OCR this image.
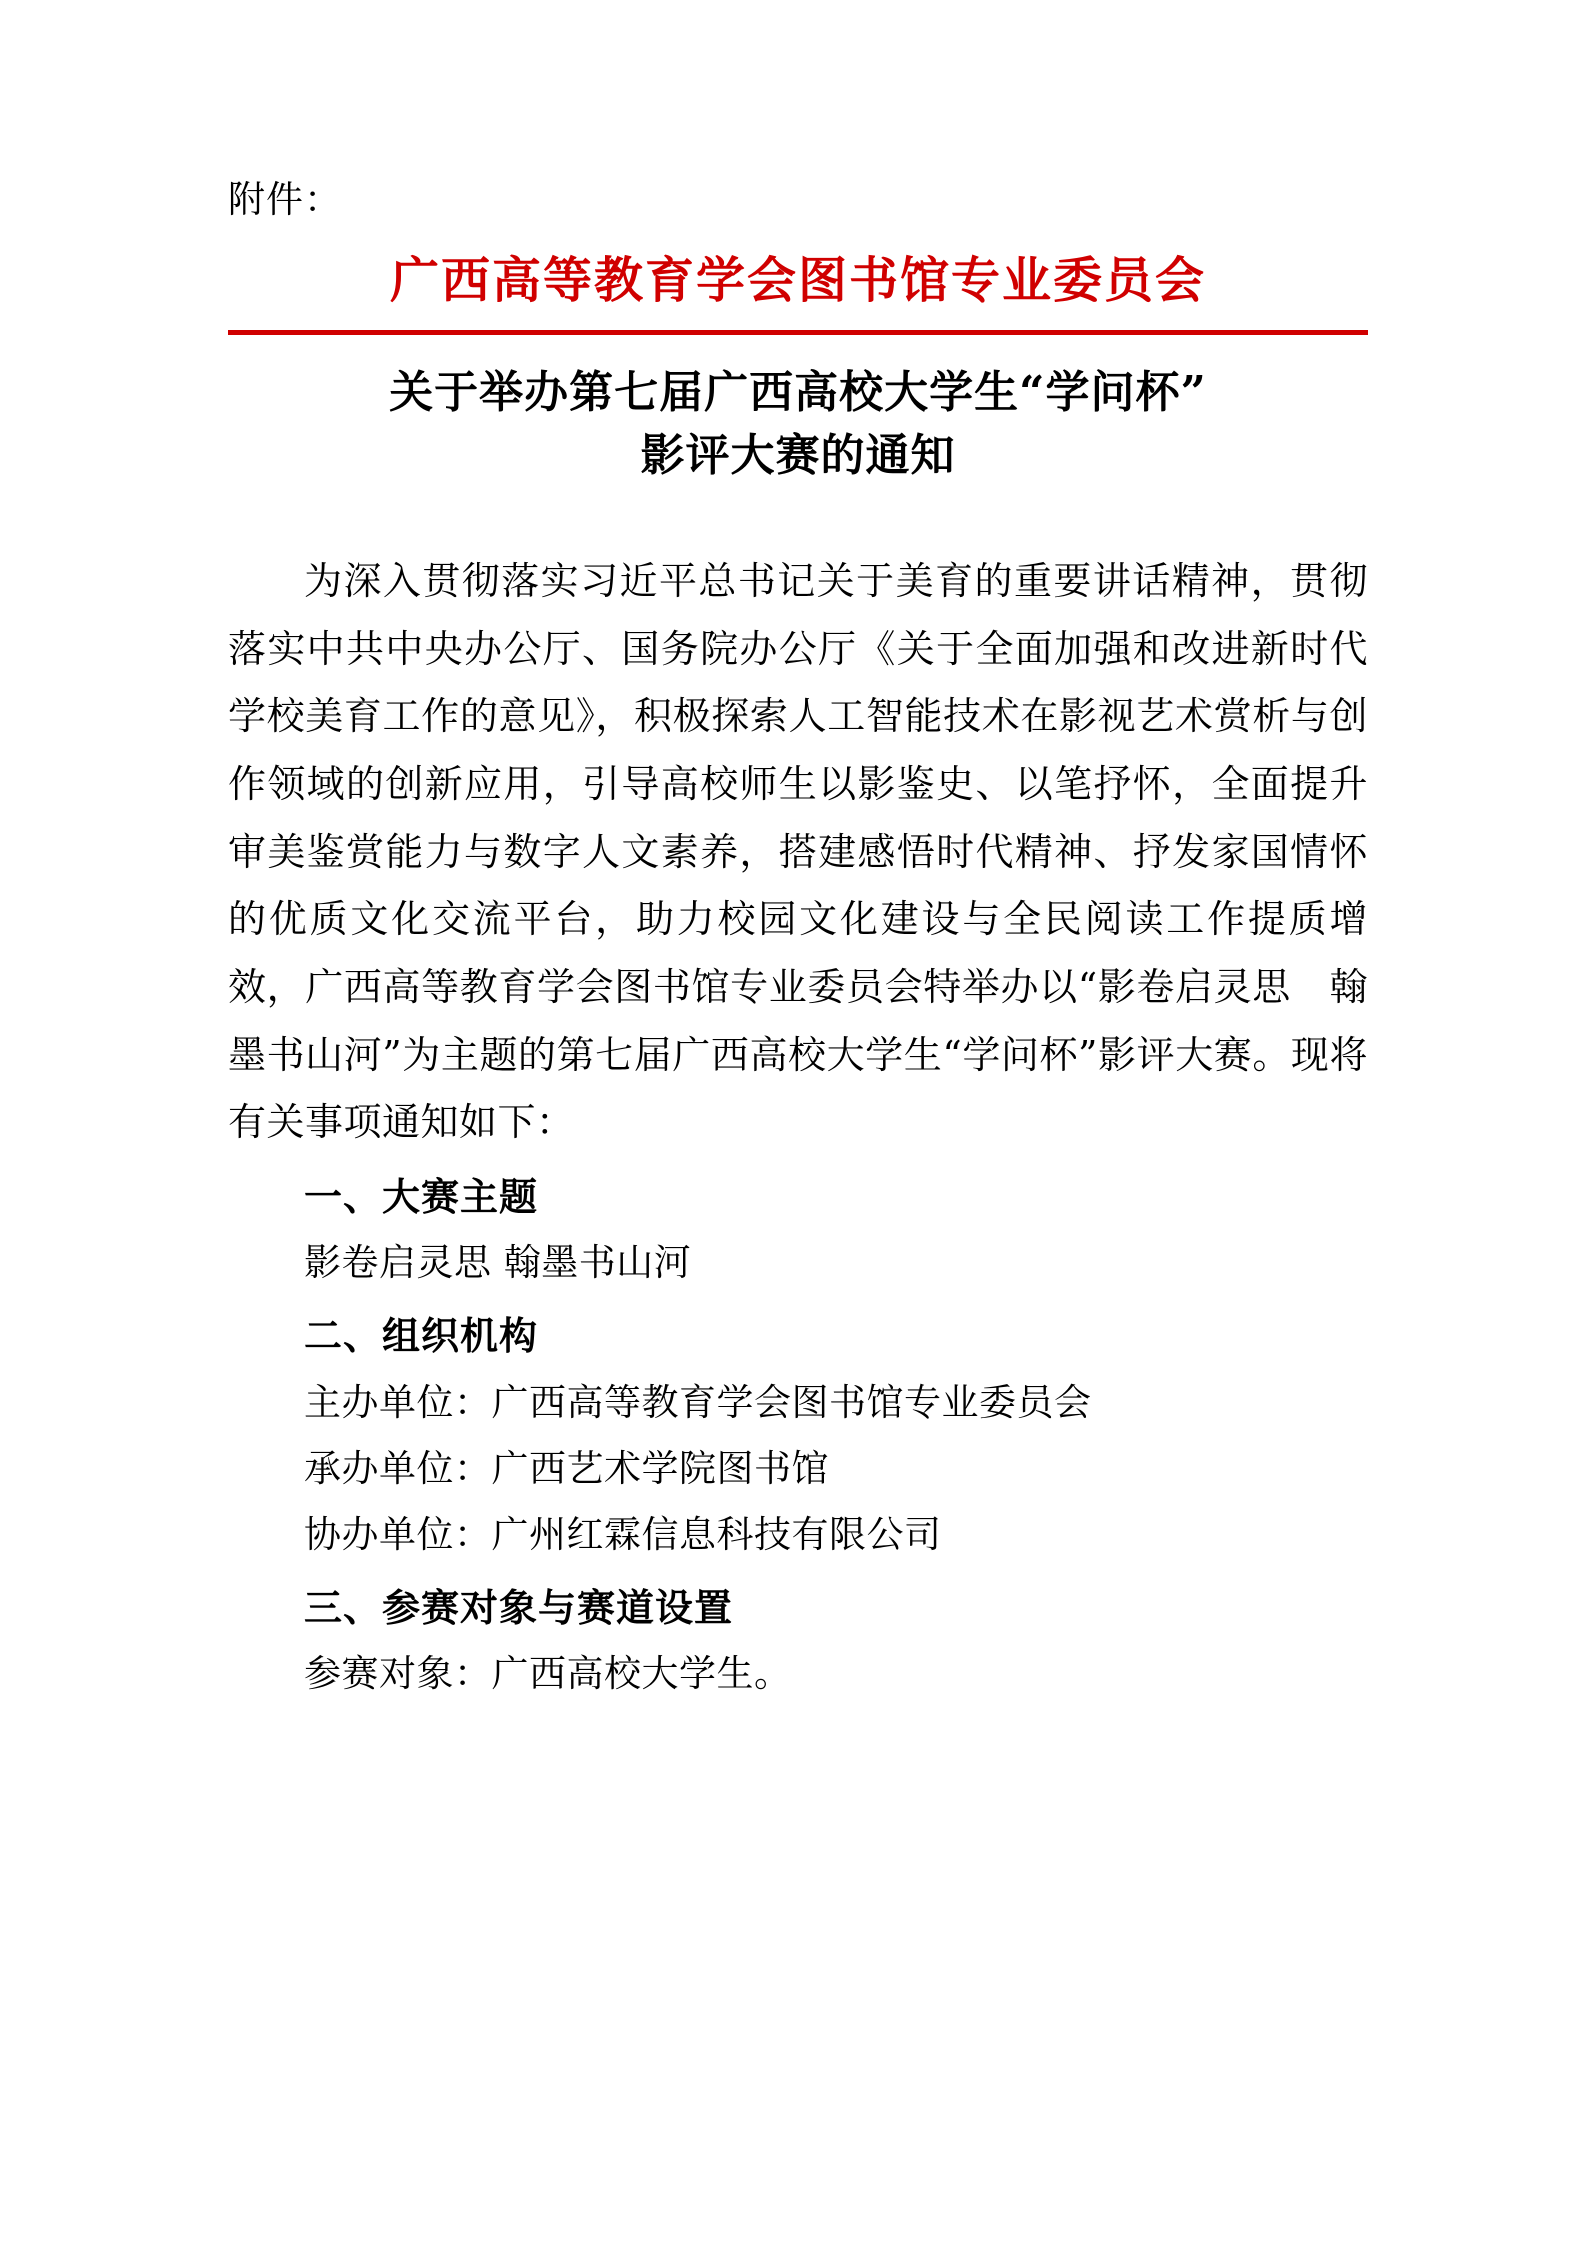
附件：
广西高等教育学会图书馆专业委员会
关于举办第七届广西高校大学生“学问杯”
影评大赛的通知

为深入贯彻落实习近平总书记关于美育的重要讲话精神，贯彻落实中共中央办公厅、国务院办公厅《关于全面加强和改进新时代学校美育工作的意见》，积极探索人工智能技术在影视艺术赏析与创作领域的创新应用，引导高校师生以影鉴史、以笔抒怀，全面提升审美鉴赏能力与数字人文素养，搭建感悟时代精神、抒发家国情怀的优质文化交流平台，助力校园文化建设与全民阅读工作提质增效，广西高等教育学会图书馆专业委员会特举办以“影卷启灵思　翰墨书山河”为主题的第七届广西高校大学生“学问杯”影评大赛。现将有关事项通知如下：

一、大赛主题

影卷启灵思 翰墨书山河

二、组织机构

主办单位：广西高等教育学会图书馆专业委员会

承办单位：广西艺术学院图书馆

协办单位：广州红霖信息科技有限公司

三、参赛对象与赛道设置

参赛对象：广西高校大学生。
